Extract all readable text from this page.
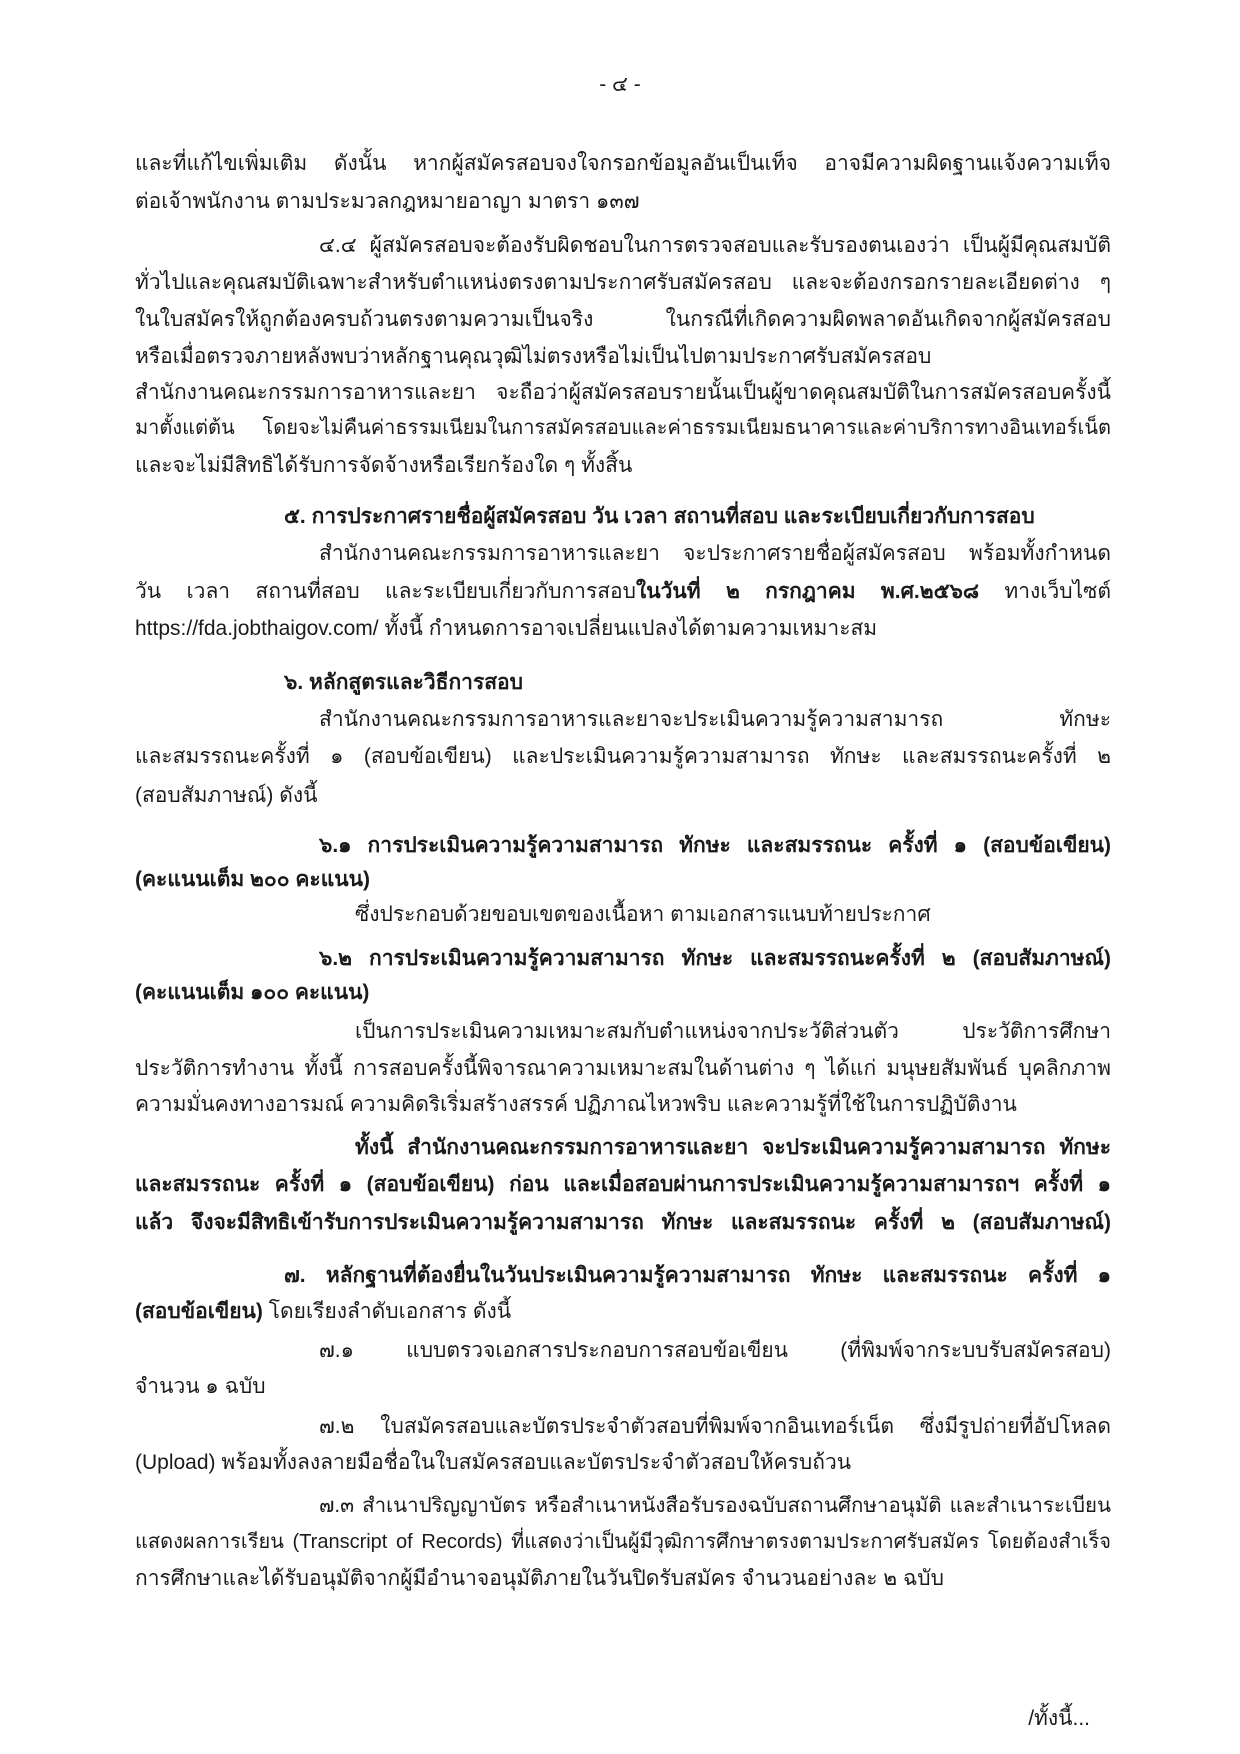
- ๔ -
และที่แก้ไขเพิ่มเติม ดังนั้น หากผู้สมัครสอบจงใจกรอกข้อมูลอันเป็นเท็จ อาจมีความผิดฐานแจ้งความเท็จ
ต่อเจ้าพนักงาน ตามประมวลกฎหมายอาญา มาตรา ๑๓๗
๔.๔ ผู้สมัครสอบจะต้องรับผิดชอบในการตรวจสอบและรับรองตนเองว่า เป็นผู้มีคุณสมบัติ
ทั่วไปและคุณสมบัติเฉพาะสำหรับตำแหน่งตรงตามประกาศรับสมัครสอบ และจะต้องกรอกรายละเอียดต่าง ๆ
ในใบสมัครให้ถูกต้องครบถ้วนตรงตามความเป็นจริง ในกรณีที่เกิดความผิดพลาดอันเกิดจากผู้สมัครสอบ
หรือเมื่อตรวจภายหลังพบว่าหลักฐานคุณวุฒิไม่ตรงหรือไม่เป็นไปตามประกาศรับสมัครสอบ
สำนักงานคณะกรรมการอาหารและยา จะถือว่าผู้สมัครสอบรายนั้นเป็นผู้ขาดคุณสมบัติในการสมัครสอบครั้งนี้
มาตั้งแต่ต้น โดยจะไม่คืนค่าธรรมเนียมในการสมัครสอบและค่าธรรมเนียมธนาคารและค่าบริการทางอินเทอร์เน็ต
และจะไม่มีสิทธิได้รับการจัดจ้างหรือเรียกร้องใด ๆ ทั้งสิ้น
๕. การประกาศรายชื่อผู้สมัครสอบ วัน เวลา สถานที่สอบ และระเบียบเกี่ยวกับการสอบ
สำนักงานคณะกรรมการอาหารและยา จะประกาศรายชื่อผู้สมัครสอบ พร้อมทั้งกำหนด
วัน เวลา สถานที่สอบ และระเบียบเกี่ยวกับการสอบในวันที่ ๒ กรกฎาคม พ.ศ.๒๕๖๘ ทางเว็บไซต์
https://fda.jobthaigov.com/ ทั้งนี้ กำหนดการอาจเปลี่ยนแปลงได้ตามความเหมาะสม
๖. หลักสูตรและวิธีการสอบ
สำนักงานคณะกรรมการอาหารและยาจะประเมินความรู้ความสามารถ ทักษะ
และสมรรถนะครั้งที่ ๑ (สอบข้อเขียน) และประเมินความรู้ความสามารถ ทักษะ และสมรรถนะครั้งที่ ๒
(สอบสัมภาษณ์) ดังนี้
๖.๑ การประเมินความรู้ความสามารถ ทักษะ และสมรรถนะ ครั้งที่ ๑ (สอบข้อเขียน)
(คะแนนเต็ม ๒๐๐ คะแนน)
ซึ่งประกอบด้วยขอบเขตของเนื้อหา ตามเอกสารแนบท้ายประกาศ
๖.๒ การประเมินความรู้ความสามารถ ทักษะ และสมรรถนะครั้งที่ ๒ (สอบสัมภาษณ์)
(คะแนนเต็ม ๑๐๐ คะแนน)
เป็นการประเมินความเหมาะสมกับตำแหน่งจากประวัติส่วนตัว ประวัติการศึกษา
ประวัติการทำงาน ทั้งนี้ การสอบครั้งนี้พิจารณาความเหมาะสมในด้านต่าง ๆ ได้แก่ มนุษยสัมพันธ์ บุคลิกภาพ
ความมั่นคงทางอารมณ์ ความคิดริเริ่มสร้างสรรค์ ปฏิภาณไหวพริบ และความรู้ที่ใช้ในการปฏิบัติงาน
ทั้งนี้ สำนักงานคณะกรรมการอาหารและยา จะประเมินความรู้ความสามารถ ทักษะ
และสมรรถนะ ครั้งที่ ๑ (สอบข้อเขียน) ก่อน และเมื่อสอบผ่านการประเมินความรู้ความสามารถฯ ครั้งที่ ๑
แล้ว จึงจะมีสิทธิเข้ารับการประเมินความรู้ความสามารถ ทักษะ และสมรรถนะ ครั้งที่ ๒ (สอบสัมภาษณ์)
๗. หลักฐานที่ต้องยื่นในวันประเมินความรู้ความสามารถ ทักษะ และสมรรถนะ ครั้งที่ ๑
(สอบข้อเขียน) โดยเรียงลำดับเอกสาร ดังนี้
๗.๑ แบบตรวจเอกสารประกอบการสอบข้อเขียน (ที่พิมพ์จากระบบรับสมัครสอบ)
จำนวน ๑ ฉบับ
๗.๒ ใบสมัครสอบและบัตรประจำตัวสอบที่พิมพ์จากอินเทอร์เน็ต ซึ่งมีรูปถ่ายที่อัปโหลด
(Upload) พร้อมทั้งลงลายมือชื่อในใบสมัครสอบและบัตรประจำตัวสอบให้ครบถ้วน
๗.๓ สำเนาปริญญาบัตร หรือสำเนาหนังสือรับรองฉบับสถานศึกษาอนุมัติ และสำเนาระเบียน
แสดงผลการเรียน (Transcript of Records) ที่แสดงว่าเป็นผู้มีวุฒิการศึกษาตรงตามประกาศรับสมัคร โดยต้องสำเร็จ
การศึกษาและได้รับอนุมัติจากผู้มีอำนาจอนุมัติภายในวันปิดรับสมัคร จำนวนอย่างละ ๒ ฉบับ
/ทั้งนี้...
